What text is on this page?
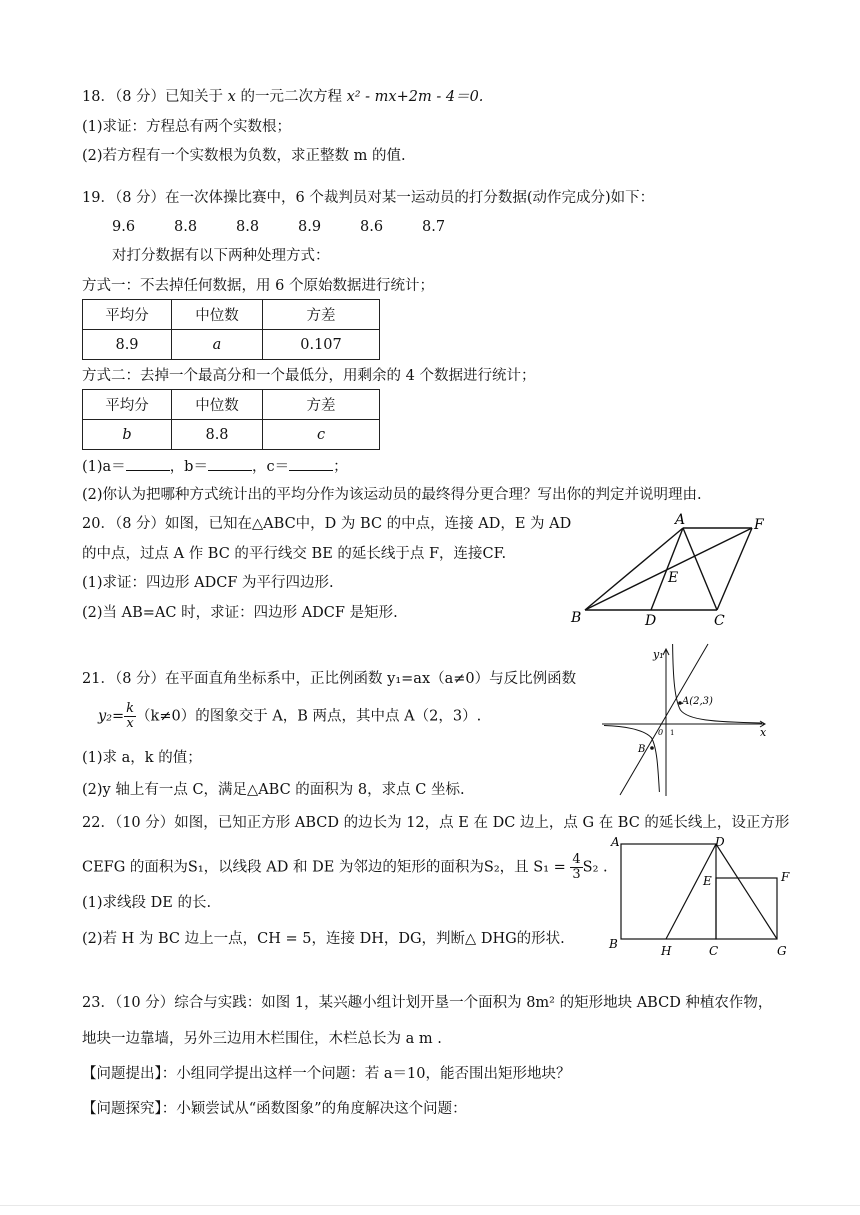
18．（8 分）已知关于 x 的一元二次方程 x² - mx+2m - 4＝0.
(1)求证：方程总有两个实数根；
(2)若方程有一个实数根为负数，求正整数 m 的值.
19．（8 分）在一次体操比赛中，6 个裁判员对某一运动员的打分数据(动作完成分)如下：
9.6	8.8	8.8	8.9	8.6	8.7
对打分数据有以下两种处理方式：
方式一：不去掉任何数据，用 6 个原始数据进行统计；
平均分	中位数	方差
8.9	a	0.107
方式二：去掉一个最高分和一个最低分，用剩余的 4 个数据进行统计；
平均分	中位数	方差
b	8.8	c
(1)a＝	，b＝	，c＝	；
(2)你认为把哪种方式统计出的平均分作为该运动员的最终得分更合理？写出你的判定并说明理由.
20．（8 分）如图，已知在△ABC中，D 为 BC 的中点，连接 AD，E 为 AD
的中点，过点 A 作 BC 的平行线交 BE 的延长线于点 F，连接CF.
(1)求证：四边形 ADCF 为平行四边形.
(2)当 AB=AC 时，求证：四边形 ADCF 是矩形.
A	F
E
B	D	C
21．（8 分）在平面直角坐标系中，正比例函数 y₁=ax（a≠0）与反比例函数
$y_2= \frac{k}{x} (k\ne 0)$的图象交于 A，B 两点，其中点 A（2，3）.
(1)求 a，k 的值；
(2)y 轴上有一点 C，满足△ABC 的面积为 8，求点 C 坐标.
y₁
x
A(2,3)
B
0 1
22．（10 分）如图，已知正方形 ABCD 的边长为 12，点 E 在 DC 边上，点 G 在 BC 的延长线上，设正方形
CEFG 的面积为S₁，以线段 AD 和 DE 为邻边的矩形的面积为S₂，且 $S_1 = \frac{4}{3} S_2$ .
(1)求线段 DE 的长.
(2)若 H 为 BC 边上一点，CH = 5，连接 DH，DG，判断△ DHG的形状.
A	D
E	F
B	H	C	G
23．（10 分）综合与实践：如图 1，某兴趣小组计划开垦一个面积为 8m² 的矩形地块 ABCD 种植农作物，
地块一边靠墙，另外三边用木栏围住，木栏总长为 a m .
【问题提出】：小组同学提出这样一个问题：若 a＝10，能否围出矩形地块？
【问题探究】：小颖尝试从“函数图象”的角度解决这个问题：
